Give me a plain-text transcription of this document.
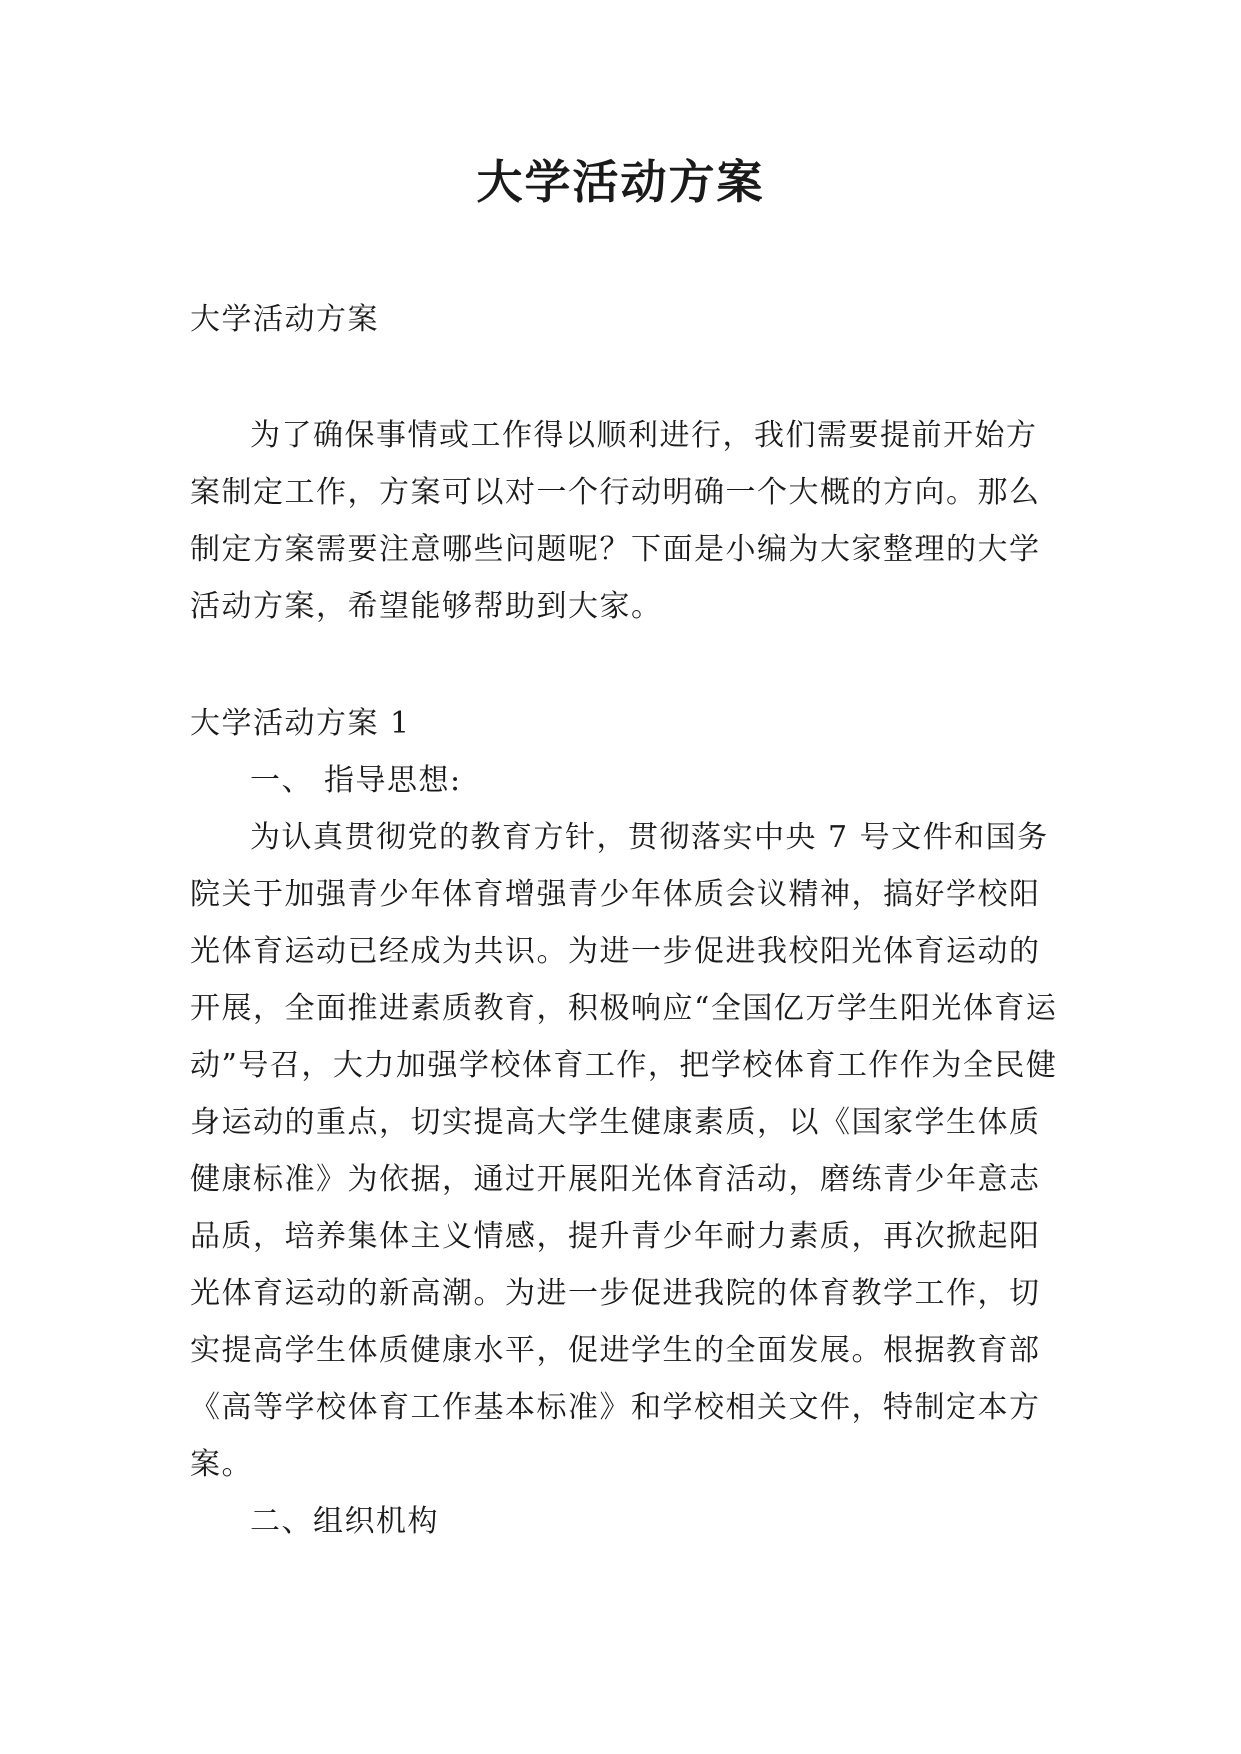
大学活动方案

大学活动方案

为了确保事情或工作得以顺利进行，我们需要提前开始方案制定工作，方案可以对一个行动明确一个大概的方向。那么制定方案需要注意哪些问题呢？下面是小编为大家整理的大学活动方案，希望能够帮助到大家。

大学活动方案 1

一、 指导思想:

为认真贯彻党的教育方针，贯彻落实中央 7 号文件和国务院关于加强青少年体育增强青少年体质会议精神，搞好学校阳光体育运动已经成为共识。为进一步促进我校阳光体育运动的开展，全面推进素质教育，积极响应“全国亿万学生阳光体育运动”号召，大力加强学校体育工作，把学校体育工作作为全民健身运动的重点，切实提高大学生健康素质，以《国家学生体质健康标准》为依据，通过开展阳光体育活动，磨练青少年意志品质，培养集体主义情感，提升青少年耐力素质，再次掀起阳光体育运动的新高潮。为进一步促进我院的体育教学工作，切实提高学生体质健康水平，促进学生的全面发展。根据教育部《高等学校体育工作基本标准》和学校相关文件，特制定本方案。

二、组织机构
